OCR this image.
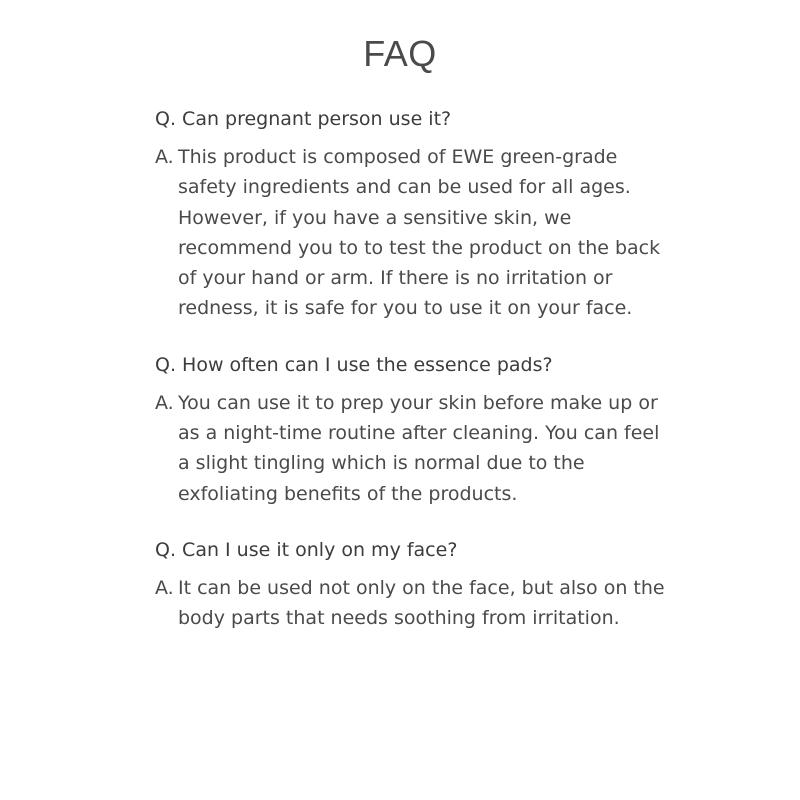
FAQ

Q. Can pregnant person use it?

A. This product is composed of EWE green-grade safety ingredients and can be used for all ages. However, if you have a sensitive skin, we recommend you to to test the product on the back of your hand or arm. If there is no irritation or redness, it is safe for you to use it on your face.

Q. How often can I use the essence pads?

A. You can use it to prep your skin before make up or as a night-time routine after cleaning. You can feel a slight tingling which is normal due to the exfoliating benefits of the products.

Q. Can I use it only on my face?

A. It can be used not only on the face, but also on the body parts that needs soothing from irritation.
